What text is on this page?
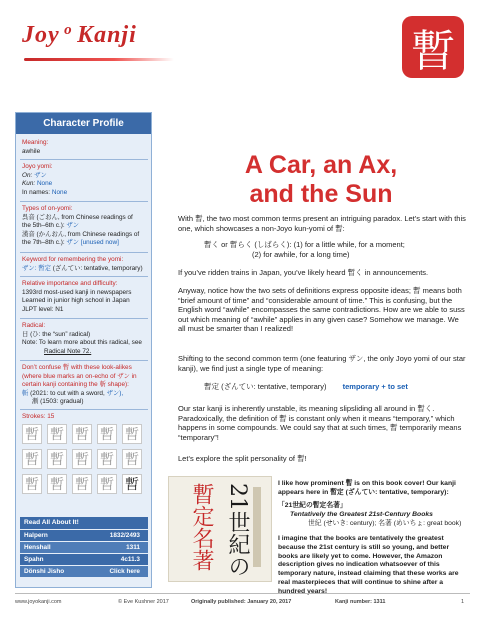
Joy o Kanji	暫
Character Profile
Meaning:
awhile
Joyo yomi:
On: ザン
Kun: None
In names: None
Types of on-yomi:
呉音 (ごおん, from Chinese readings of
the 5th–6th c.): ザン
漢音 (かんおん, from Chinese readings of
the 7th–8th c.): ザン [unused now]
Keyword for remembering the yomi:
ザン: 暫定 (ざんてい: tentative, temporary)
Relative importance and difficulty:
1393rd most-used kanji in newspapers
Learned in junior high school in Japan
JLPT level: N1
Radical:
日 (ひ: the “sun” radical)
Note: To learn more about this radical, see
Radical Note 72.
Don’t confuse 暫 with these look-alikes
(where blue marks an on-echo of ザン in
certain kanji containing the 斬 shape):
斬 (2021: to cut with a sword, ザン),
漸 (1503: gradual)
Strokes: 15
暫 暫 暫 暫 暫
暫 暫 暫 暫 暫
暫 暫 暫 暫 暫
Read All About It!
Halpern	1832/2493
Henshall	1311
Spahn	4c11.3
Dönshi Jisho	Click here
A Car, an Ax,
and the Sun
With 暫, the two most common terms present an intriguing paradox. Let’s start with this one, which showcases a non-Joyo kun-yomi of 暫:
暫く or 暫らく (しばらく): (1) for a little while, for a moment;
(2) for awhile, for a long time)
If you’ve ridden trains in Japan, you’ve likely heard 暫く in announcements.
Anyway, notice how the two sets of definitions express opposite ideas; 暫 means both “brief amount of time” and “considerable amount of time.” This is confusing, but the English word “awhile” encompasses the same contradictions. How are we able to suss out which meaning of “awhile” applies in any given case? Somehow we manage. We all must be smarter than I realized!
Shifting to the second common term (one featuring ザン, the only Joyo yomi of our star kanji), we find just a single type of meaning:
暫定 (ざんてい: tentative, temporary) temporary + to set
Our star kanji is inherently unstable, its meaning slipsliding all around in 暫く. Paradoxically, the definition of 暫 is constant only when it means “temporary,” which happens in some compounds. We could say that at such times, 暫 temporarily means “temporary”!
Let’s explore the split personality of 暫!
21世紀の
暫定名著	I like how prominent 暫 is on this book cover! Our kanji appears here in 暫定 (ざんてい: tentative, temporary):
「21世紀の暫定名著」
Tentatively the Greatest 21st-Century Books
世紀 (せいき: century); 名著 (めいちょ: great book)
I imagine that the books are tentatively the greatest because the 21st century is still so young, and better books are likely yet to come. However, the Amazon description gives no indication whatsoever of this temporary nature, instead claiming that these works are real masterpieces that will continue to shine after a hundred years!
www.joyokanji.com	© Eve Kushner 2017	Originally published: January 20, 2017	Kanji number: 1311	1
